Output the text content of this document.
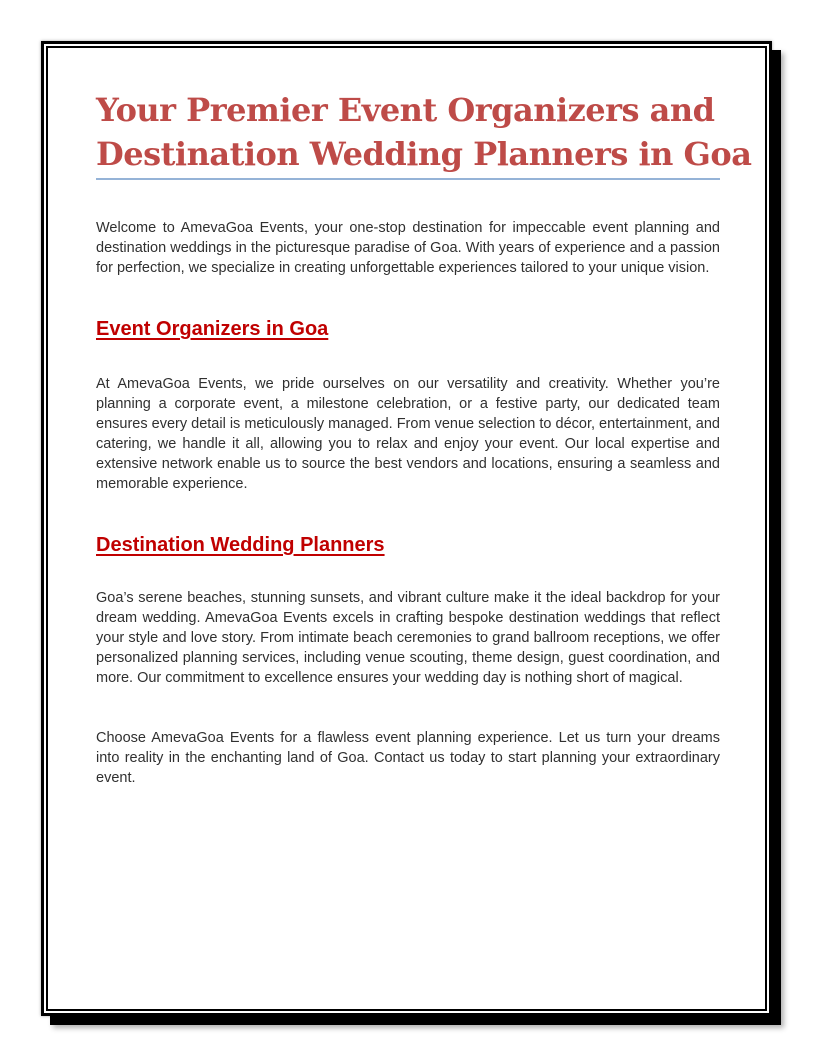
Your Premier Event Organizers and
Destination Wedding Planners in Goa

Welcome to AmevaGoa Events, your one-stop destination for impeccable event planning and destination weddings in the picturesque paradise of Goa. With years of experience and a passion for perfection, we specialize in creating unforgettable experiences tailored to your unique vision.

Event Organizers in Goa

At AmevaGoa Events, we pride ourselves on our versatility and creativity. Whether you’re planning a corporate event, a milestone celebration, or a festive party, our dedicated team ensures every detail is meticulously managed. From venue selection to décor, entertainment, and catering, we handle it all, allowing you to relax and enjoy your event. Our local expertise and extensive network enable us to source the best vendors and locations, ensuring a seamless and memorable experience.

Destination Wedding Planners

Goa’s serene beaches, stunning sunsets, and vibrant culture make it the ideal backdrop for your dream wedding. AmevaGoa Events excels in crafting bespoke destination weddings that reflect your style and love story. From intimate beach ceremonies to grand ballroom receptions, we offer personalized planning services, including venue scouting, theme design, guest coordination, and more. Our commitment to excellence ensures your wedding day is nothing short of magical.

Choose AmevaGoa Events for a flawless event planning experience. Let us turn your dreams into reality in the enchanting land of Goa. Contact us today to start planning your extraordinary event.
